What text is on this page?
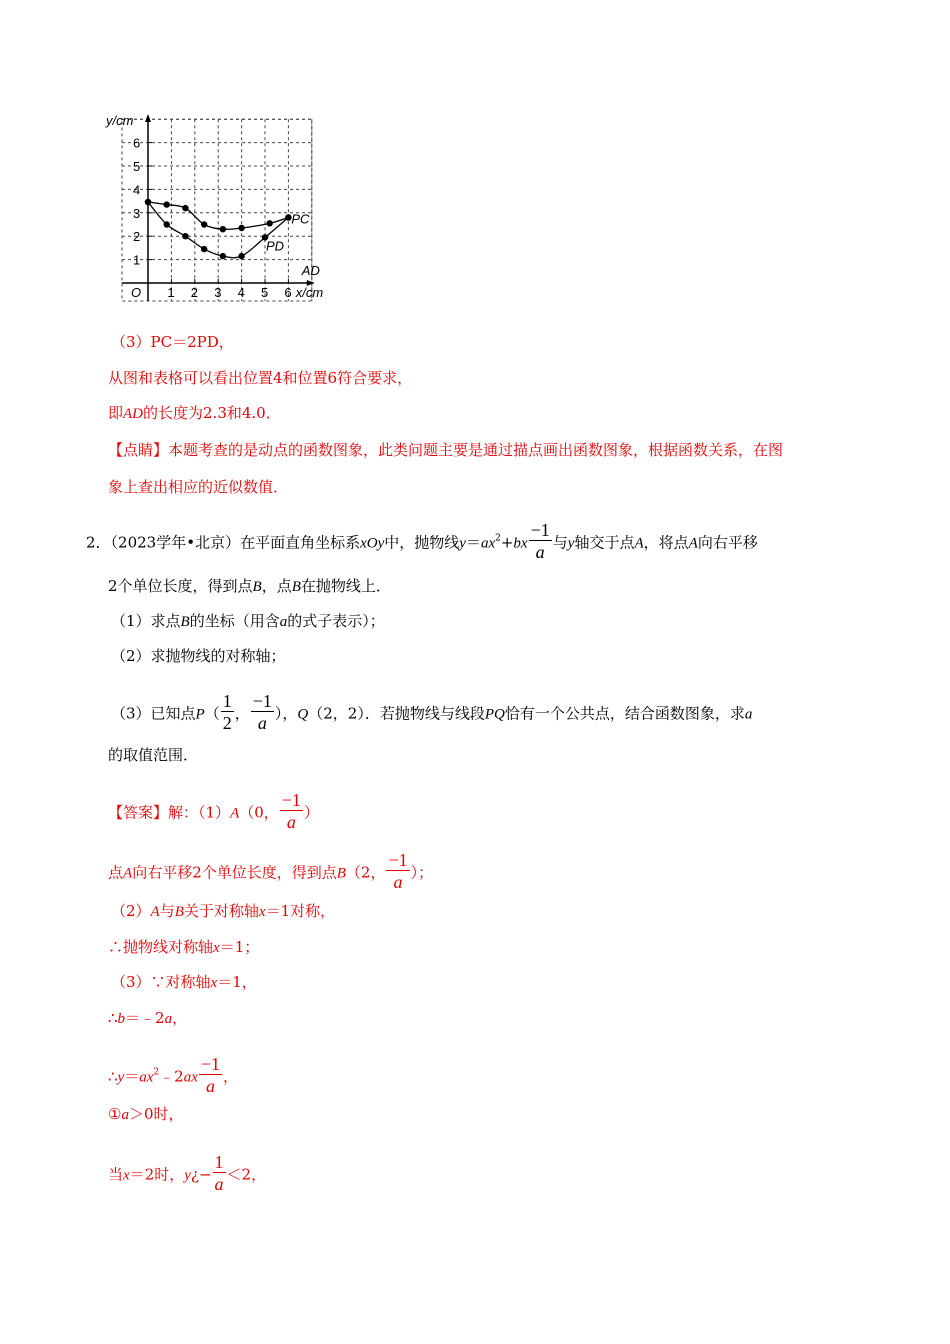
1 2 3 4 5 6
1
2
3
4
5
6
O	x/cm
AD
y/cm
PC
PD
（3）PC＝2PD，
从图和表格可以看出位置4和位置6符合要求，
即AD的长度为2.3和4.0．
【点睛】本题考查的是动点的函数图象，此类问题主要是通过描点画出函数图象，根据函数关系，在图
象上查出相应的近似数值．
2．（2023学年•北京）在平面直角坐标系xOy中，抛物线$y=ax^2+bx \frac{-1}{a}$ 与y轴交于点A，将点A向右平移
2个单位长度，得到点B，点B在抛物线上．
（1）求点B的坐标（用含a的式子表示）；
（2）求抛物线的对称轴；
（3）已知点$P( \frac{1}{2}$ ， $\frac{-1}{a}$ ），Q（2，2）．若抛物线与线段PQ恰有一个公共点，结合函数图象，求a
的取值范围．
【答案】解：（1）A（0， $\frac{-1}{a}$ ）
点A向右平移2个单位长度，得到点B（2， $\frac{-1}{a}$ ）；
（2）A与B关于对称轴x＝1对称，
∴抛物线对称轴x＝1；
（3）∵对称轴x＝1，
∴b＝﹣2a，
$\therefore y=ax^2﹣2ax \frac{-1}{a}$ ，
①a＞0时，
当x＝2时，y¿− $\frac{1}{a} <2$，
